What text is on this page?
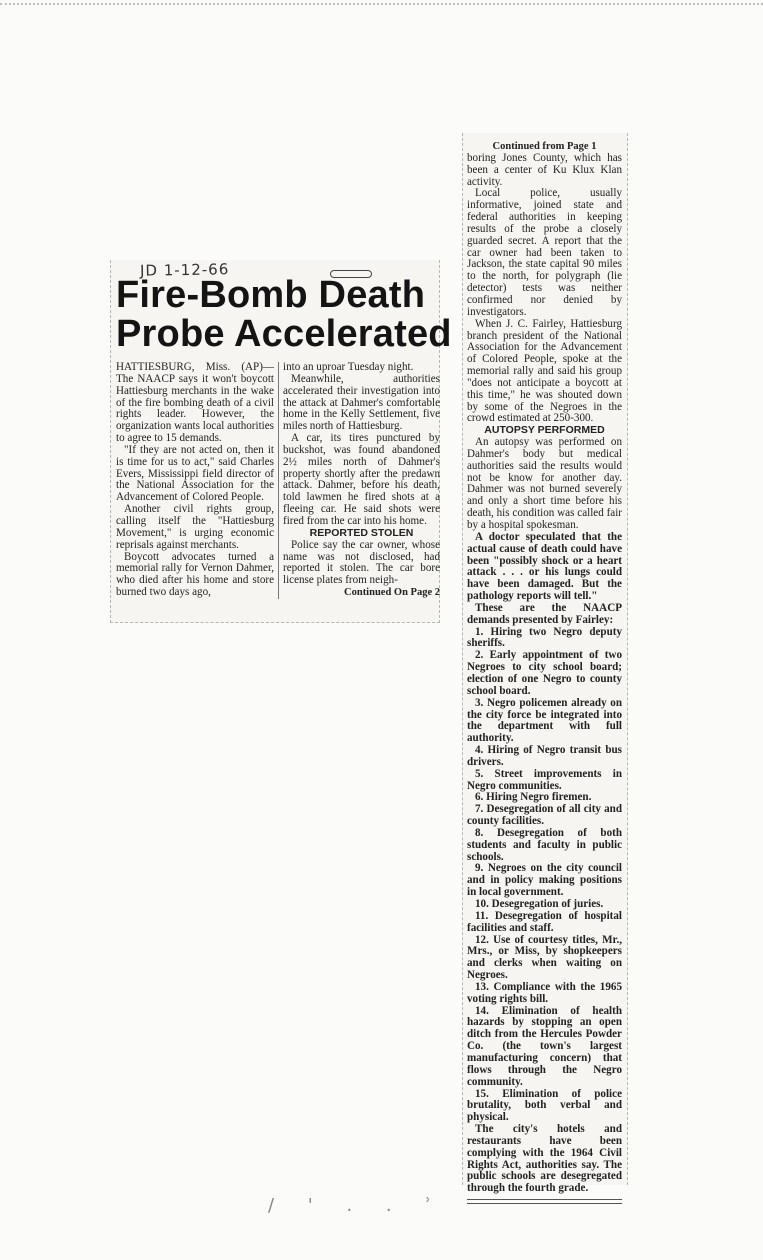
JD 1-12-66
Fire-Bomb Death
Probe Accelerated

HATTIESBURG, Miss. (AP)—The NAACP says it won't boycott Hattiesburg merchants in the wake of the fire bombing death of a civil rights leader. However, the organization wants local authorities to agree to 15 demands.

"If they are not acted on, then it is time for us to act," said Charles Evers, Mississippi field director of the National Association for the Advancement of Colored People.

Another civil rights group, calling itself the "Hattiesburg Movement," is urging economic reprisals against merchants.

Boycott advocates turned a memorial rally for Vernon Dahmer, who died after his home and store burned two days ago,

into an uproar Tuesday night.

Meanwhile, authorities accelerated their investigation into the attack at Dahmer's comfortable home in the Kelly Settlement, five miles north of Hattiesburg.

A car, its tires punctured by buckshot, was found abandoned 2½ miles north of Dahmer's property shortly after the predawn attack. Dahmer, before his death, told lawmen he fired shots at a fleeing car. He said shots were fired from the car into his home.

REPORTED STOLEN

Police say the car owner, whose name was not disclosed, had reported it stolen. The car bore license plates from neigh-

Continued On Page 2

Continued from Page 1

boring Jones County, which has been a center of Ku Klux Klan activity.

Local police, usually informative, joined state and federal authorities in keeping results of the probe a closely guarded secret. A report that the car owner had been taken to Jackson, the state capital 90 miles to the north, for polygraph (lie detector) tests was neither confirmed nor denied by investigators.

When J. C. Fairley, Hattiesburg branch president of the National Association for the Advancement of Colored People, spoke at the memorial rally and said his group "does not anticipate a boycott at this time," he was shouted down by some of the Negroes in the crowd estimated at 250-300.

AUTOPSY PERFORMED

An autopsy was performed on Dahmer's body but medical authorities said the results would not be know for another day. Dahmer was not burned severely and only a short time before his death, his condition was called fair by a hospital spokesman.

A doctor speculated that the actual cause of death could have been "possibly shock or a heart attack . . . or his lungs could have been damaged. But the pathology reports will tell."

These are the NAACP demands presented by Fairley:

1. Hiring two Negro deputy sheriffs.

2. Early appointment of two Negroes to city school board; election of one Negro to county school board.

3. Negro policemen already on the city force be integrated into the department with full authority.

4. Hiring of Negro transit bus drivers.

5. Street improvements in Negro communities.

6. Hiring Negro firemen.

7. Desegregation of all city and county facilities.

8. Desegregation of both students and faculty in public schools.

9. Negroes on the city council and in policy making positions in local government.

10. Desegregation of juries.

11. Desegregation of hospital facilities and staff.

12. Use of courtesy titles, Mr., Mrs., or Miss, by shopkeepers and clerks when waiting on Negroes.

13. Compliance with the 1965 voting rights bill.

14. Elimination of health hazards by stopping an open ditch from the Hercules Powder Co. (the town's largest manufacturing concern) that flows through the Negro community.

15. Elimination of police brutality, both verbal and physical.

The city's hotels and restaurants have been complying with the 1964 Civil Rights Act, authorities say. The public schools are desegregated through the fourth grade.

/ ' . . ʾ
